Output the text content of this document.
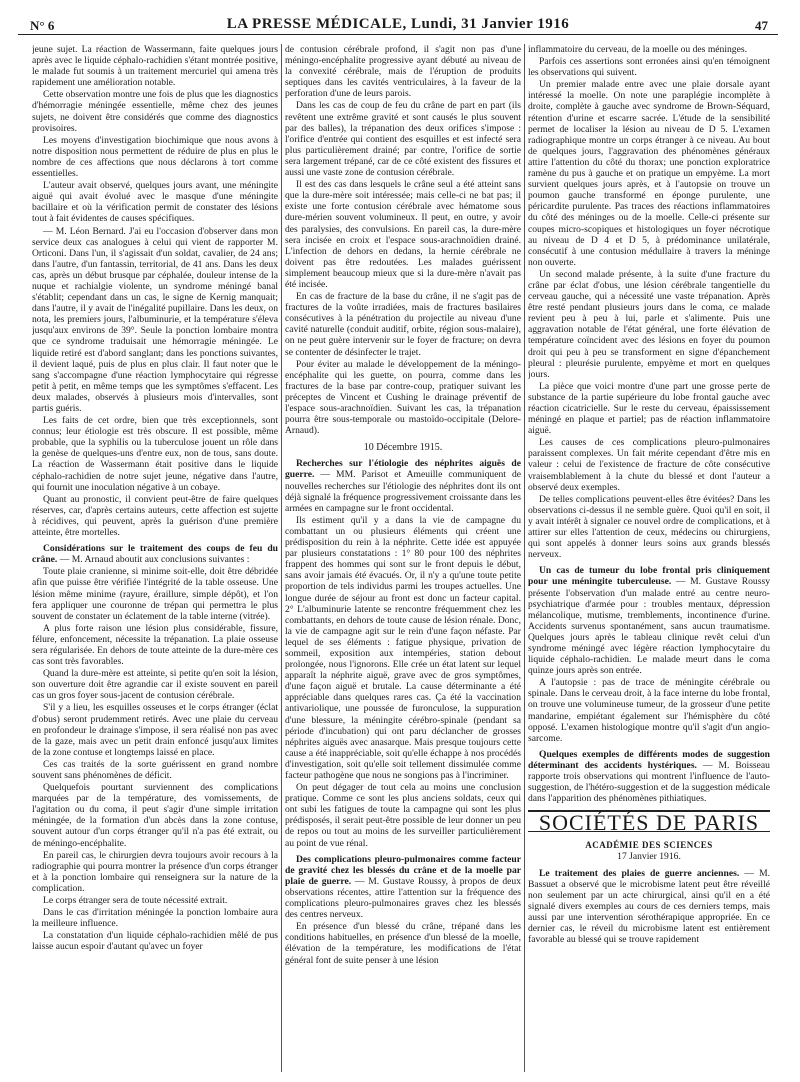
N° 6	LA PRESSE MÉDICALE, Lundi, 31 Janvier 1916	47

jeune sujet. La réaction de Wassermann, faite quelques jours après avec le liquide céphalo-rachidien s'étant montrée positive, le malade fut soumis à un traitement mercuriel qui amena très rapidement une amélioration notable.

Cette observation montre une fois de plus que les diagnostics d'hémorragie méningée essentielle, même chez des jeunes sujets, ne doivent être considérés que comme des diagnostics provisoires.

Les moyens d'investigation biochimique que nous avons à notre disposition nous permettent de réduire de plus en plus le nombre de ces affections que nous déclarons à tort comme essentielles.

L'auteur avait observé, quelques jours avant, une méningite aiguë qui avait évolué avec le masque d'une méningite bacillaire et où la vérification permit de constater des lésions tout à fait évidentes de causes spécifiques.

— M. Léon Bernard. J'ai eu l'occasion d'observer dans mon service deux cas analogues à celui qui vient de rapporter M. Orticoni. Dans l'un, il s'agissait d'un soldat, cavalier, de 24 ans; dans l'autre, d'un fantassin, territorial, de 41 ans. Dans les deux cas, après un début brusque par céphalée, douleur intense de la nuque et rachialgie violente, un syndrome méningé banal s'établit; cependant dans un cas, le signe de Kernig manquait; dans l'autre, il y avait de l'inégalité pupillaire. Dans les deux, on nota, les premiers jours, l'albuminurie, et la température s'éleva jusqu'aux environs de 39°. Seule la ponction lombaire montra que ce syndrome traduisait une hémorragie méningée. Le liquide retiré est d'abord sanglant; dans les ponctions suivantes, il devient laqué, puis de plus en plus clair. Il faut noter que le sang s'accompagne d'une réaction lymphocytaire qui régresse petit à petit, en même temps que les symptômes s'effacent. Les deux malades, observés à plusieurs mois d'intervalles, sont partis guéris.

Les faits de cet ordre, bien que très exceptionnels, sont connus; leur étiologie est très obscure. Il est possible, même probable, que la syphilis ou la tuberculose jouent un rôle dans la genèse de quelques-uns d'entre eux, non de tous, sans doute. La réaction de Wassermann était positive dans le liquide céphalo-rachidien de notre sujet jeune, négative dans l'autre, qui fournit une inoculation négative à un cobaye.

Quant au pronostic, il convient peut-être de faire quelques réserves, car, d'après certains auteurs, cette affection est sujette à récidives, qui peuvent, après la guérison d'une première atteinte, être mortelles.

Considérations sur le traitement des coups de feu du crâne. — M. Arnaud aboutit aux conclusions suivantes :

Toute plaie cranienne, si minime soit-elle, doit être débridée afin que puisse être vérifiée l'intégrité de la table osseuse. Une lésion même minime (rayure, éraillure, simple dépôt), et l'on fera appliquer une couronne de trépan qui permettra le plus souvent de constater un éclatement de la table interne (vitrée).

A plus forte raison une lésion plus considérable, fissure, félure, enfoncement, nécessite la trépanation. La plaie osseuse sera régularisée. En dehors de toute atteinte de la dure-mère ces cas sont très favorables.

Quand la dure-mère est atteinte, si petite qu'en soit la lésion, son ouverture doit être agrandie car il existe souvent en pareil cas un gros foyer sous-jacent de contusion cérébrale.

S'il y a lieu, les esquilles osseuses et le corps étranger (éclat d'obus) seront prudemment retirés. Avec une plaie du cerveau en profondeur le drainage s'impose, il sera réalisé non pas avec de la gaze, mais avec un petit drain enfoncé jusqu'aux limites de la zone contuse et longtemps laissé en place.

Ces cas traités de la sorte guérissent en grand nombre souvent sans phénomènes de déficit.

Quelquefois pourtant surviennent des complications marquées par de la température, des vomissements, de l'agitation ou du coma, il peut s'agir d'une simple irritation méningée, de la formation d'un abcès dans la zone contuse, souvent autour d'un corps étranger qu'il n'a pas été extrait, ou de méningo-encéphalite.

En pareil cas, le chirurgien devra toujours avoir recours à la radiographie qui pourra montrer la présence d'un corps étranger et à la ponction lombaire qui renseignera sur la nature de la complication.

Le corps étranger sera de toute nécessité extrait.

Dans le cas d'irritation méningée la ponction lombaire aura la meilleure influence.

La constatation d'un liquide céphalo-rachidien mêlé de pus laisse aucun espoir d'autant qu'avec un foyer

de contusion cérébrale profond, il s'agit non pas d'une méningo-encéphalite progressive ayant débuté au niveau de la convexité cérébrale, mais de l'éruption de produits septiques dans les cavités ventriculaires, à la faveur de la perforation d'une de leurs parois.

Dans les cas de coup de feu du crâne de part en part (ils revêtent une extrême gravité et sont causés le plus souvent par des balles), la trépanation des deux orifices s'impose : l'orifice d'entrée qui contient des esquilles et est infecté sera plus particulièrement drainé; par contre, l'orifice de sortie sera largement trépané, car de ce côté existent des fissures et aussi une vaste zone de contusion cérébrale.

Il est des cas dans lesquels le crâne seul a été atteint sans que la dure-mère soit intéressée; mais celle-ci ne bat pas; il existe une forte contusion cérébrale avec hématome sous dure-mérien souvent volumineux. Il peut, en outre, y avoir des paralysies, des convulsions. En pareil cas, la dure-mère sera incisée en croix et l'espace sous-arachnoïdien drainé. L'infection de dehors en dedans, la hernie cérébrale ne doivent pas être redoutées. Les malades guérissent simplement beaucoup mieux que si la dure-mère n'avait pas été incisée.

En cas de fracture de la base du crâne, il ne s'agit pas de fractures de la voûte irradiées, mais de fractures basilaires consécutives à la pénétration du projectile au niveau d'une cavité naturelle (conduit auditif, orbite, région sous-malaire), on ne peut guère intervenir sur le foyer de fracture; on devra se contenter de désinfecter le trajet.

Pour éviter au malade le développement de la méningo-encéphalite qui les guette, on pourra, comme dans les fractures de la base par contre-coup, pratiquer suivant les préceptes de Vincent et Cushing le drainage préventif de l'espace sous-arachnoïdien. Suivant les cas, la trépanation pourra être sous-temporale ou mastoïdo-occipitale (Delore-Arnaud).

10 Décembre 1915.

Recherches sur l'étiologie des néphrites aiguës de guerre. — MM. Parisot et Ameuille communiquent de nouvelles recherches sur l'étiologie des néphrites dont ils ont déjà signalé la fréquence progressivement croissante dans les armées en campagne sur le front occidental.

Ils estiment qu'il y a dans la vie de campagne du combattant un ou plusieurs éléments qui créent une prédisposition du rein à la néphrite. Cette idée est appuyée par plusieurs constatations : 1° 80 pour 100 des néphrites frappent des hommes qui sont sur le front depuis le début, sans avoir jamais été évacués. Or, il n'y a qu'une toute petite proportion de tels individus parmi les troupes actuelles. Une longue durée de séjour au front est donc un facteur capital. 2° L'albuminurie latente se rencontre fréquemment chez les combattants, en dehors de toute cause de lésion rénale. Donc, la vie de campagne agit sur le rein d'une façon néfaste. Par lequel de ses éléments : fatigue physique, privation de sommeil, exposition aux intempéries, station debout prolongée, nous l'ignorons. Elle crée un état latent sur lequel apparaît la néphrite aiguë, grave avec de gros symptômes, d'une façon aiguë et brutale. La cause déterminante a été appréciable dans quelques rares cas. Ça été la vaccination antivariolique, une poussée de furonculose, la suppuration d'une blessure, la méningite cérébro-spinale (pendant sa période d'incubation) qui ont paru déclancher de grosses néphrites aiguës avec anasarque. Mais presque toujours cette cause a été inappréciable, soit qu'elle échappe à nos procédés d'investigation, soit qu'elle soit tellement dissimulée comme facteur pathogène que nous ne songions pas à l'incriminer.

On peut dégager de tout cela au moins une conclusion pratique. Comme ce sont les plus anciens soldats, ceux qui ont subi les fatigues de toute la campagne qui sont les plus prédisposés, il serait peut-être possible de leur donner un peu de repos ou tout au moins de les surveiller particulièrement au point de vue rénal.

Des complications pleuro-pulmonaires comme facteur de gravité chez les blessés du crâne et de la moelle par plaie de guerre. — M. Gustave Roussy, à propos de deux observations récentes, attire l'attention sur la fréquence des complications pleuro-pulmonaires graves chez les blessés des centres nerveux.

En présence d'un blessé du crâne, trépané dans les conditions habituelles, en présence d'un blessé de la moelle, élévation de la température, les modifications de l'état général font de suite penser à une lésion

inflammatoire du cerveau, de la moelle ou des méninges.

Parfois ces assertions sont erronées ainsi qu'en témoignent les observations qui suivent.

Un premier malade entre avec une plaie dorsale ayant intéressé la moelle. On note une paraplégie incomplète à droite, complète à gauche avec syndrome de Brown-Séquard, rétention d'urine et escarre sacrée. L'étude de la sensibilité permet de localiser la lésion au niveau de D 5. L'examen radiographique montre un corps étranger à ce niveau. Au bout de quelques jours, l'aggravation des phénomènes généraux attire l'attention du côté du thorax; une ponction exploratrice ramène du pus à gauche et on pratique un empyème. La mort survient quelques jours après, et à l'autopsie on trouve un poumon gauche transformé en éponge purulente, une péricardite purulente. Pas traces des réactions inflammatoires du côté des méninges ou de la moelle. Celle-ci présente sur coupes micro-scopiques et histologiques un foyer nécrotique au niveau de D 4 et D 5, à prédominance unilatérale, consécutif à une contusion médullaire à travers la méninge non ouverte.

Un second malade présente, à la suite d'une fracture du crâne par éclat d'obus, une lésion cérébrale tangentielle du cerveau gauche, qui a nécessité une vaste trépanation. Après être resté pendant plusieurs jours dans le coma, ce malade revient peu à peu à lui, parle et s'alimente. Puis une aggravation notable de l'état général, une forte élévation de température coïncident avec des lésions en foyer du poumon droit qui peu à peu se transforment en signe d'épanchement pleural : pleurésie purulente, empyème et mort en quelques jours.

La pièce que voici montre d'une part une grosse perte de substance de la partie supérieure du lobe frontal gauche avec réaction cicatricielle. Sur le reste du cerveau, épaississement méningé en plaque et partiel; pas de réaction inflammatoire aiguë.

Les causes de ces complications pleuro-pulmonaires paraissent complexes. Un fait mérite cependant d'être mis en valeur : celui de l'existence de fracture de côte consécutive vraisemblablement à la chute du blessé et dont l'auteur a observé deux exemples.

De telles complications peuvent-elles être évitées? Dans les observations ci-dessus il ne semble guère. Quoi qu'il en soit, il y avait intérêt à signaler ce nouvel ordre de complications, et à attirer sur elles l'attention de ceux, médecins ou chirurgiens, qui sont appelés à donner leurs soins aux grands blessés nerveux.

Un cas de tumeur du lobe frontal pris cliniquement pour une méningite tuberculeuse. — M. Gustave Roussy présente l'observation d'un malade entré au centre neuro-psychiatrique d'armée pour : troubles mentaux, dépression mélancolique, mutisme, tremblements, incontinence d'urine. Accidents survenus spontanément, sans aucun traumatisme. Quelques jours après le tableau clinique revêt celui d'un syndrome méningé avec légère réaction lymphocytaire du liquide céphalo-rachidien. Le malade meurt dans le coma quinze jours après son entrée.

A l'autopsie : pas de trace de méningite cérébrale ou spinale. Dans le cerveau droit, à la face interne du lobe frontal, on trouve une volumineuse tumeur, de la grosseur d'une petite mandarine, empiétant également sur l'hémisphère du côté opposé. L'examen histologique montre qu'il s'agit d'un angio-sarcome.

Quelques exemples de différents modes de suggestion déterminant des accidents hystériques. — M. Boisseau rapporte trois observations qui montrent l'influence de l'auto-suggestion, de l'hétéro-suggestion et de la suggestion médicale dans l'apparition des phénomènes pithiatiques.

SOCIÉTÉS DE PARIS
ACADÉMIE DES SCIENCES
17 Janvier 1916.

Le traitement des plaies de guerre anciennes. — M. Bassuet a observé que le microbisme latent peut être réveillé non seulement par un acte chirurgical, ainsi qu'il en a été signalé divers exemples au cours de ces derniers temps, mais aussi par une intervention sérothérapique appropriée. En ce dernier cas, le réveil du microbisme latent est entièrement favorable au blessé qui se trouve rapidement
